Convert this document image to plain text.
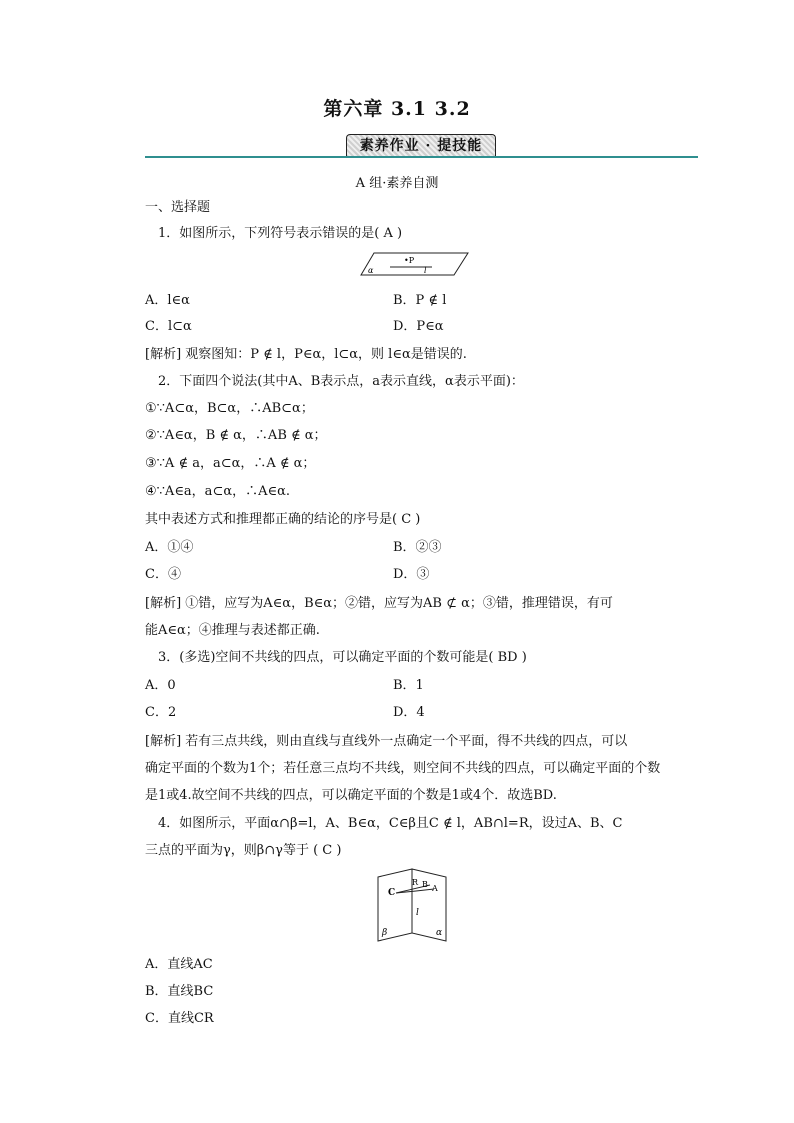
第六章 3.1 3.2
素养作业 · 提技能
A 组·素养自测
一、选择题
1．如图所示，下列符号表示错误的是( A )
α
•P
l
A．l∈α	B．P ∉ l
C．l⊂α	D．P∈α
[解析] 观察图知：P ∉ l，P∈α，l⊂α，则 l∈α是错误的.
2．下面四个说法(其中A、B表示点，a表示直线，α表示平面)：
①∵A⊂α，B⊂α，∴AB⊂α；
②∵A∈α，B ∉ α，∴AB ∉ α；
③∵A ∉ a，a⊂α，∴A ∉ α；
④∵A∈a，a⊂α，∴A∈α.
其中表述方式和推理都正确的结论的序号是( C )
A．①④	B．②③
C．④	D．③
[解析] ①错，应写为A∈α，B∈α；②错，应写为AB ⊄ α；③错，推理错误，有可
能A∈α；④推理与表述都正确.
3．(多选)空间不共线的四点，可以确定平面的个数可能是( BD )
A．0	B．1
C．2	D．4
[解析] 若有三点共线，则由直线与直线外一点确定一个平面，得不共线的四点，可以
确定平面的个数为1个；若任意三点均不共线，则空间不共线的四点，可以确定平面的个数
是1或4.故空间不共线的四点，可以确定平面的个数是1或4个．故选BD.
4．如图所示，平面α∩β=l，A、B∈α，C∈β且C ∉ l，AB∩l=R，设过A、B、C
三点的平面为γ，则β∩γ等于 ( C )
C
R B A
l
β	α
A．直线AC
B．直线BC
C．直线CR
